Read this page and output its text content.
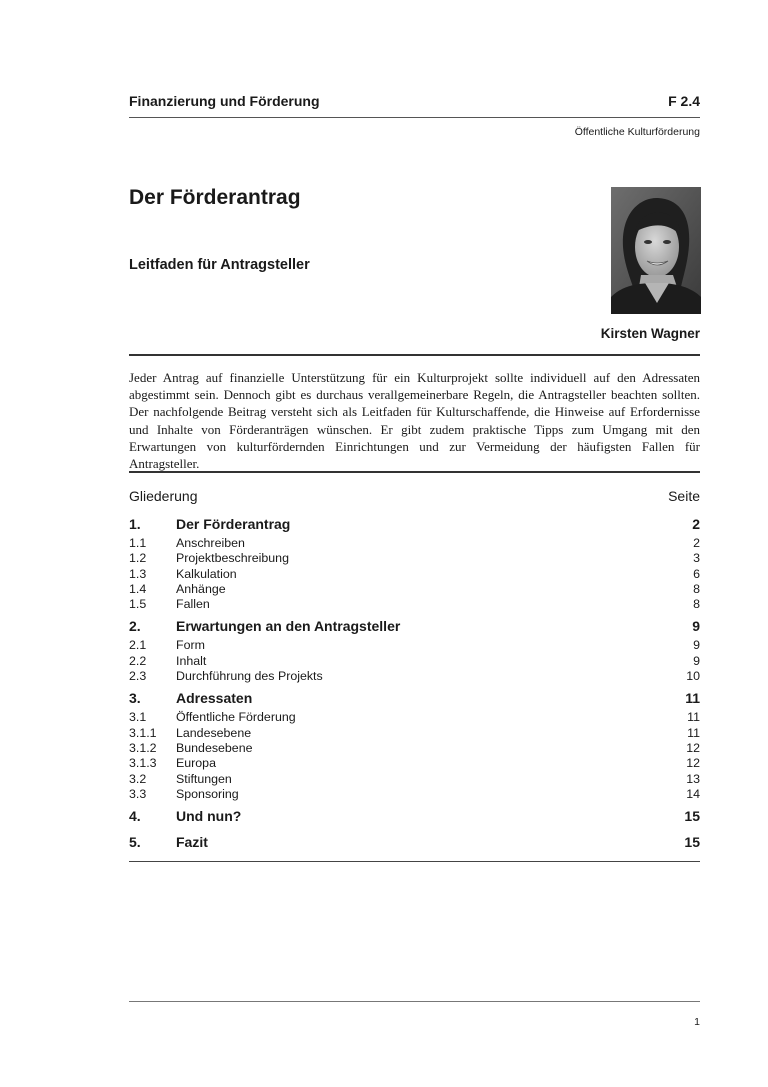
Finanzierung und Förderung	F 2.4
Öffentliche Kulturförderung
Der Förderantrag
Leitfaden für Antragsteller
Kirsten Wagner

Jeder Antrag auf finanzielle Unterstützung für ein Kulturprojekt sollte individuell auf den Adressaten abgestimmt sein. Dennoch gibt es durchaus verallgemeinerbare Regeln, die Antragsteller beachten sollten. Der nachfolgende Beitrag versteht sich als Leitfaden für Kulturschaffende, die Hinweise auf Erfordernisse und Inhalte von Förderanträgen wünschen. Er gibt zudem praktische Tipps zum Umgang mit den Erwartungen von kulturfördernden Einrichtungen und zur Vermeidung der häufigsten Fallen für Antragsteller.

Gliederung	Seite
1.	Der Förderantrag	2
1.1	Anschreiben	2
1.2	Projektbeschreibung	3
1.3	Kalkulation	6
1.4	Anhänge	8
1.5	Fallen	8
2.	Erwartungen an den Antragsteller	9
2.1	Form	9
2.2	Inhalt	9
2.3	Durchführung des Projekts	10
3.	Adressaten	11
3.1	Öffentliche Förderung	11
3.1.1	Landesebene	11
3.1.2	Bundesebene	12
3.1.3	Europa	12
3.2	Stiftungen	13
3.3	Sponsoring	14
4.	Und nun?	15
5.	Fazit	15
1
